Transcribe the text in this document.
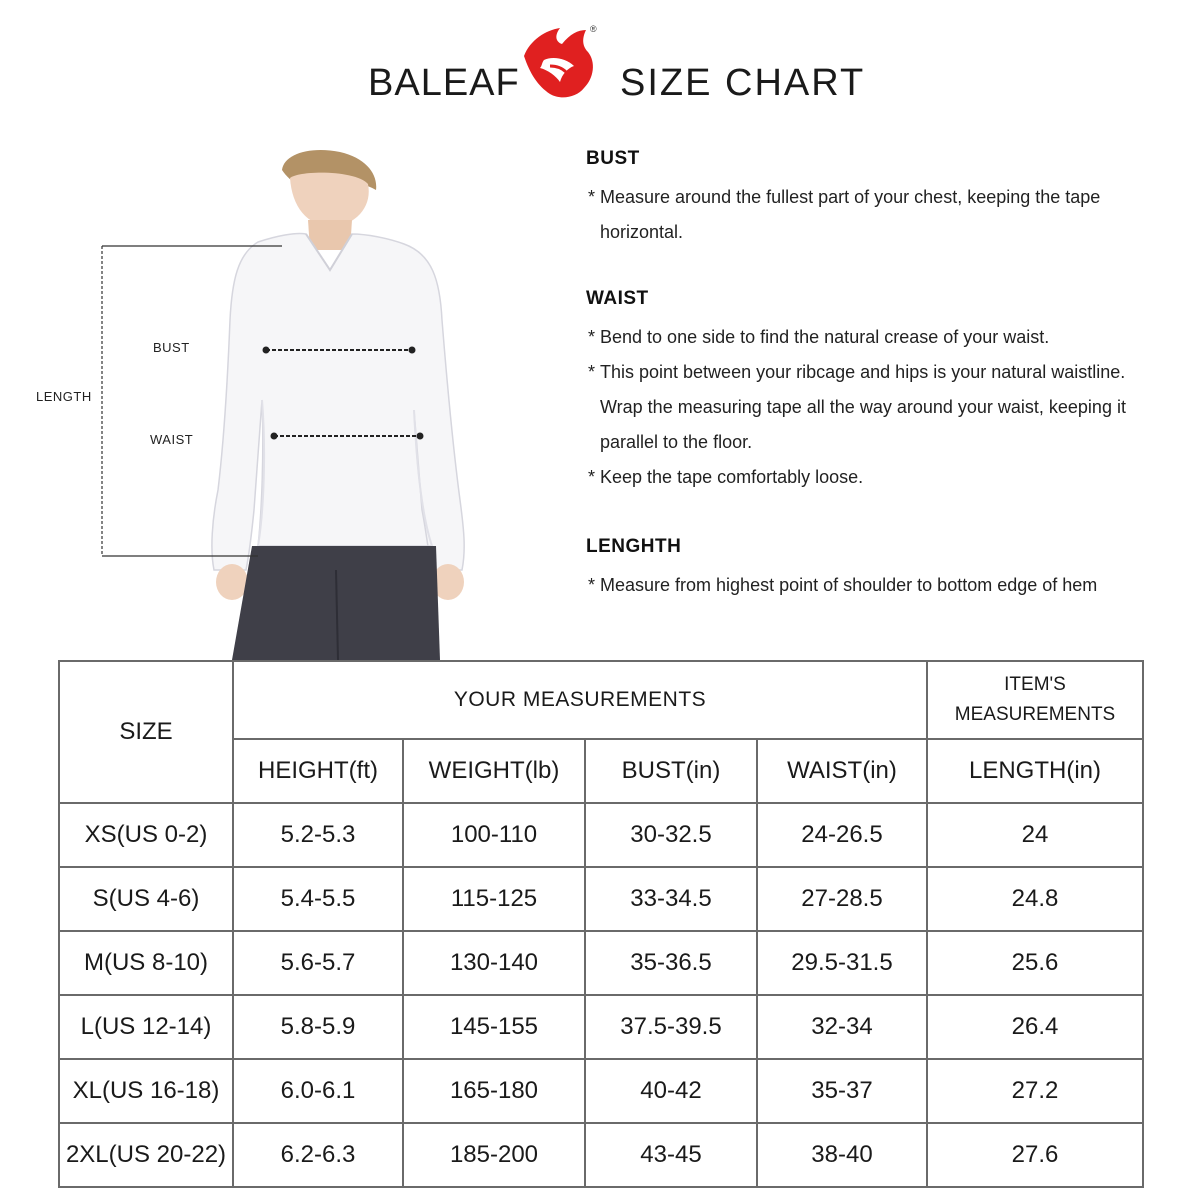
BALEAF
®
SIZE CHART
BUST
WAIST
LENGTH
BUST
* Measure around the fullest part of your chest, keeping the tape horizontal.
WAIST
* Bend to one side to find the natural crease of your waist.
* This point between your ribcage and hips is your natural waistline. Wrap the measuring tape all the way around your waist, keeping it parallel to the floor.
* Keep the tape comfortably loose.
LENGHTH
* Measure from highest point of shoulder to bottom edge of hem
SIZE	YOUR MEASUREMENTS				ITEM'S MEASUREMENTS
	HEIGHT(ft)	WEIGHT(lb)	BUST(in)	WAIST(in)	LENGTH(in)
XS(US 0-2)	5.2-5.3	100-110	30-32.5	24-26.5	24
S(US 4-6)	5.4-5.5	115-125	33-34.5	27-28.5	24.8
M(US 8-10)	5.6-5.7	130-140	35-36.5	29.5-31.5	25.6
L(US 12-14)	5.8-5.9	145-155	37.5-39.5	32-34	26.4
XL(US 16-18)	6.0-6.1	165-180	40-42	35-37	27.2
2XL(US 20-22)	6.2-6.3	185-200	43-45	38-40	27.6
